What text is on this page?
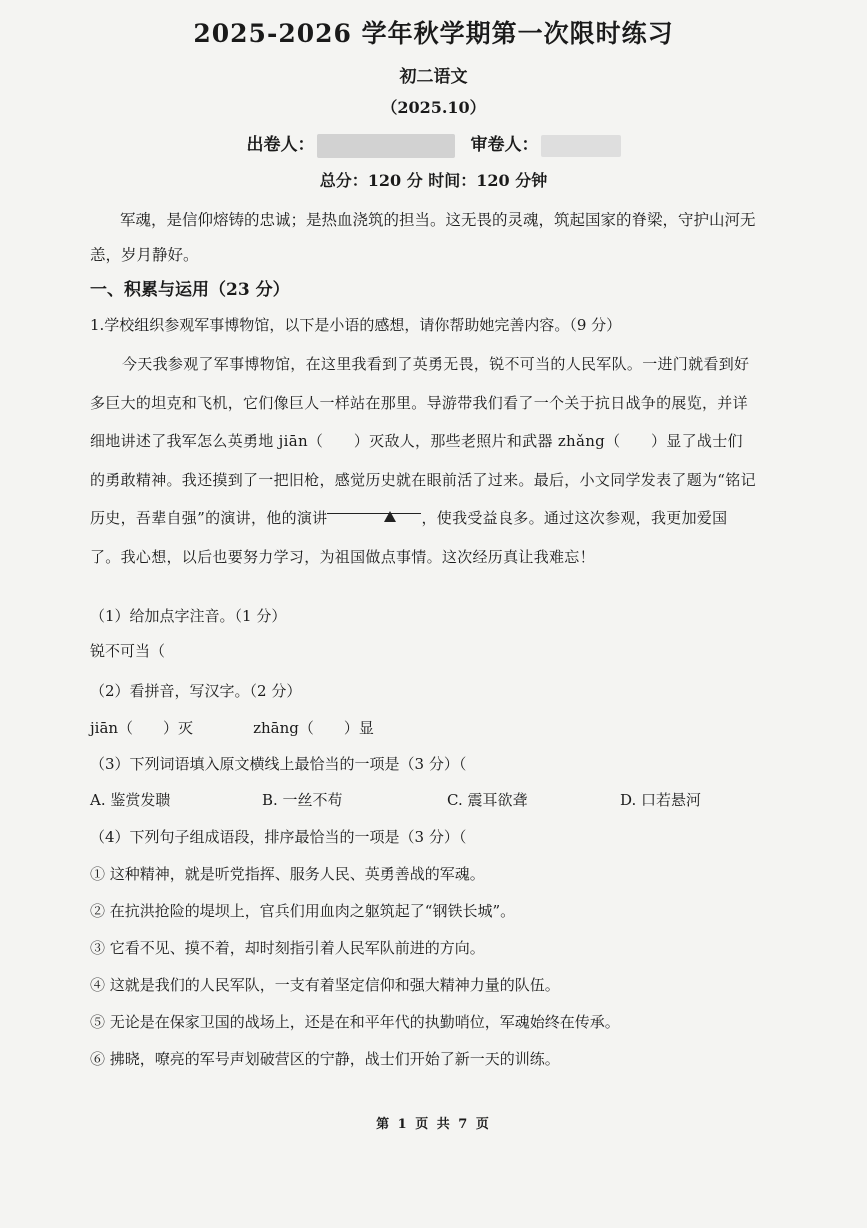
2025-2026 学年秋学期第一次限时练习
初二语文
（2025.10）
出卷人：	审卷人：
总分：120 分 时间：120 分钟
军魂，是信仰熔铸的忠诚；是热血浇筑的担当。这无畏的灵魂，筑起国家的脊梁，守护山河无恙，岁月静好。
一、积累与运用（23 分）
1.学校组织参观军事博物馆，以下是小语的感想，请你帮助她完善内容。（9 分）
今天我参观了军事博物馆，在这里我看到了英勇无畏，锐不可当的人民军队。一进门就看到好多巨大的坦克和飞机，它们像巨人一样站在那里。导游带我们看了一个关于抗日战争的展览，并详细地讲述了我军怎么英勇地 jiān（　　 ）灭敌人，那些老照片和武器 zhǎng（　　 ）显了战士们的勇敢精神。我还摸到了一把旧枪，感觉历史就在眼前活了过来。最后，小文同学发表了题为“铭记历史，吾辈自强”的演讲，他的演讲	，使我受益良多。通过这次参观，我更加爱国了。我心想，以后也要努力学习，为祖国做点事情。这次经历真让我难忘！
（1）给加点字注音。（1 分）
锐不可当（
（2）看拼音，写汉字。（2 分）
jiān（　　）灭	zhāng（　　）显
（3）下列词语填入原文横线上最恰当的一项是（3 分）（
A. 鉴赏发聩	B. 一丝不苟	C. 震耳欲聋	D. 口若悬河
（4）下列句子组成语段，排序最恰当的一项是（3 分）（
① 这种精神，就是听党指挥、服务人民、英勇善战的军魂。
② 在抗洪抢险的堤坝上，官兵们用血肉之躯筑起了“钢铁长城”。
③ 它看不见、摸不着，却时刻指引着人民军队前进的方向。
④ 这就是我们的人民军队，一支有着坚定信仰和强大精神力量的队伍。
⑤ 无论是在保家卫国的战场上，还是在和平年代的执勤哨位，军魂始终在传承。
⑥ 拂晓，嘹亮的军号声划破营区的宁静，战士们开始了新一天的训练。
第 1 页 共 7 页
